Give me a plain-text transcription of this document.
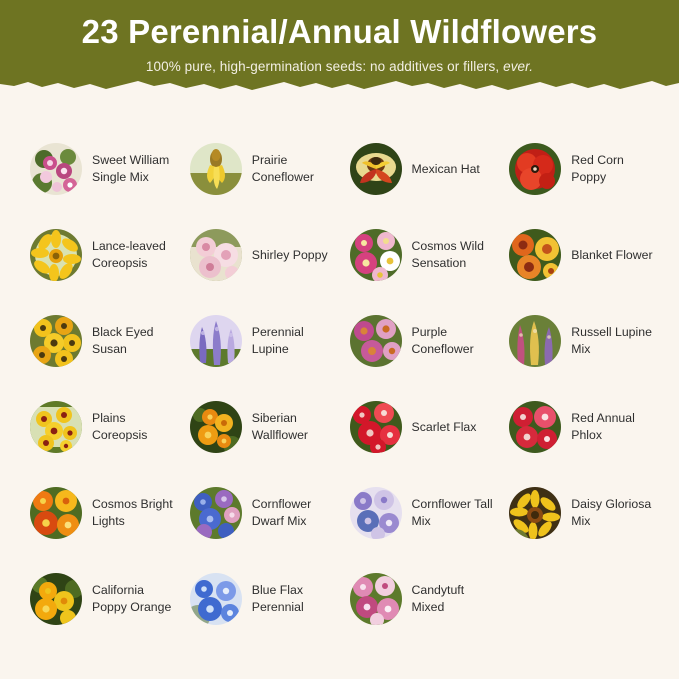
23 Perennial/Annual Wildflowers
100% pure, high-germination seeds: no additives or fillers, ever.
Sweet William Single Mix
Prairie Coneflower
Mexican Hat
Red Corn Poppy
Lance-leaved Coreopsis
Shirley Poppy
Cosmos Wild Sensation
Blanket Flower
Black Eyed Susan
Perennial Lupine
Purple Coneflower
Russell Lupine Mix
Plains Coreopsis
Siberian Wallflower
Scarlet Flax
Red Annual Phlox
Cosmos Bright Lights
Cornflower Dwarf Mix
Cornflower Tall Mix
Daisy Gloriosa Mix
California Poppy Orange
Blue Flax Perennial
Candytuft Mixed
